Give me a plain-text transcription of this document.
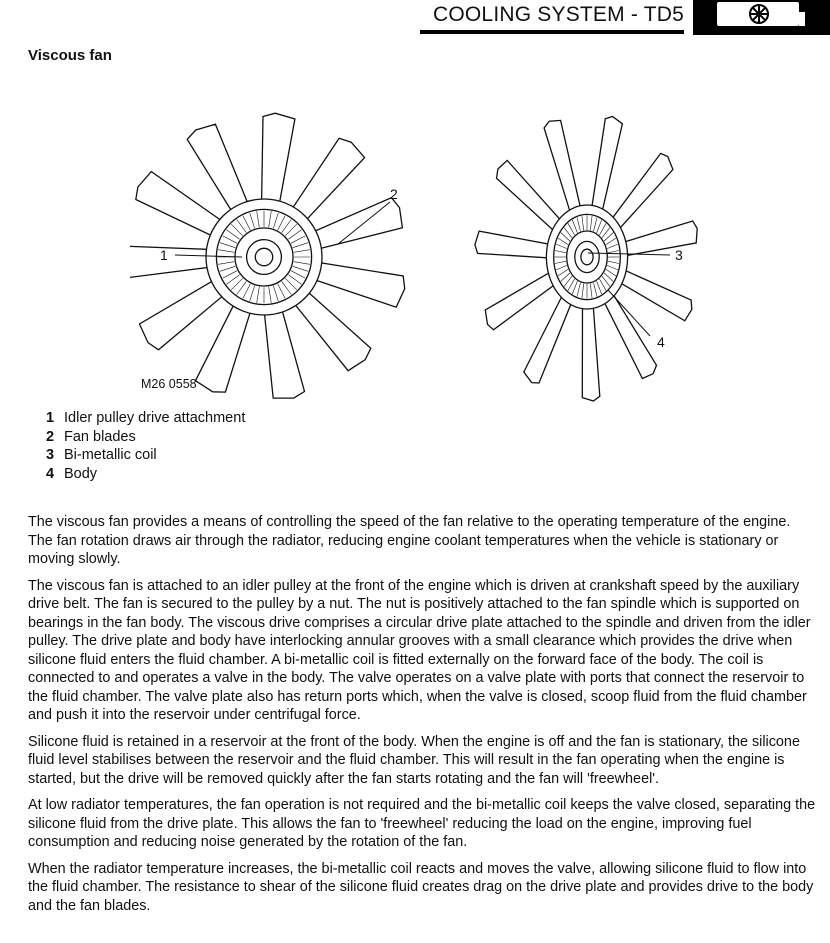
COOLING SYSTEM - TD5
Viscous fan
1
2
3
4
M26 0558
1 Idler pulley drive attachment
2 Fan blades
3 Bi-metallic coil
4 Body

The viscous fan provides a means of controlling the speed of the fan relative to the operating temperature of the engine. The fan rotation draws air through the radiator, reducing engine coolant temperatures when the vehicle is stationary or moving slowly.

The viscous fan is attached to an idler pulley at the front of the engine which is driven at crankshaft speed by the auxiliary drive belt. The fan is secured to the pulley by a nut. The nut is positively attached to the fan spindle which is supported on bearings in the fan body. The viscous drive comprises a circular drive plate attached to the spindle and driven from the idler pulley. The drive plate and body have interlocking annular grooves with a small clearance which provides the drive when silicone fluid enters the fluid chamber. A bi-metallic coil is fitted externally on the forward face of the body. The coil is connected to and operates a valve in the body. The valve operates on a valve plate with ports that connect the reservoir to the fluid chamber. The valve plate also has return ports which, when the valve is closed, scoop fluid from the fluid chamber and push it into the reservoir under centrifugal force.

Silicone fluid is retained in a reservoir at the front of the body. When the engine is off and the fan is stationary, the silicone fluid level stabilises between the reservoir and the fluid chamber. This will result in the fan operating when the engine is started, but the drive will be removed quickly after the fan starts rotating and the fan will 'freewheel'.

At low radiator temperatures, the fan operation is not required and the bi-metallic coil keeps the valve closed, separating the silicone fluid from the drive plate. This allows the fan to 'freewheel' reducing the load on the engine, improving fuel consumption and reducing noise generated by the rotation of the fan.

When the radiator temperature increases, the bi-metallic coil reacts and moves the valve, allowing silicone fluid to flow into the fluid chamber. The resistance to shear of the silicone fluid creates drag on the drive plate and provides drive to the body and the fan blades.
